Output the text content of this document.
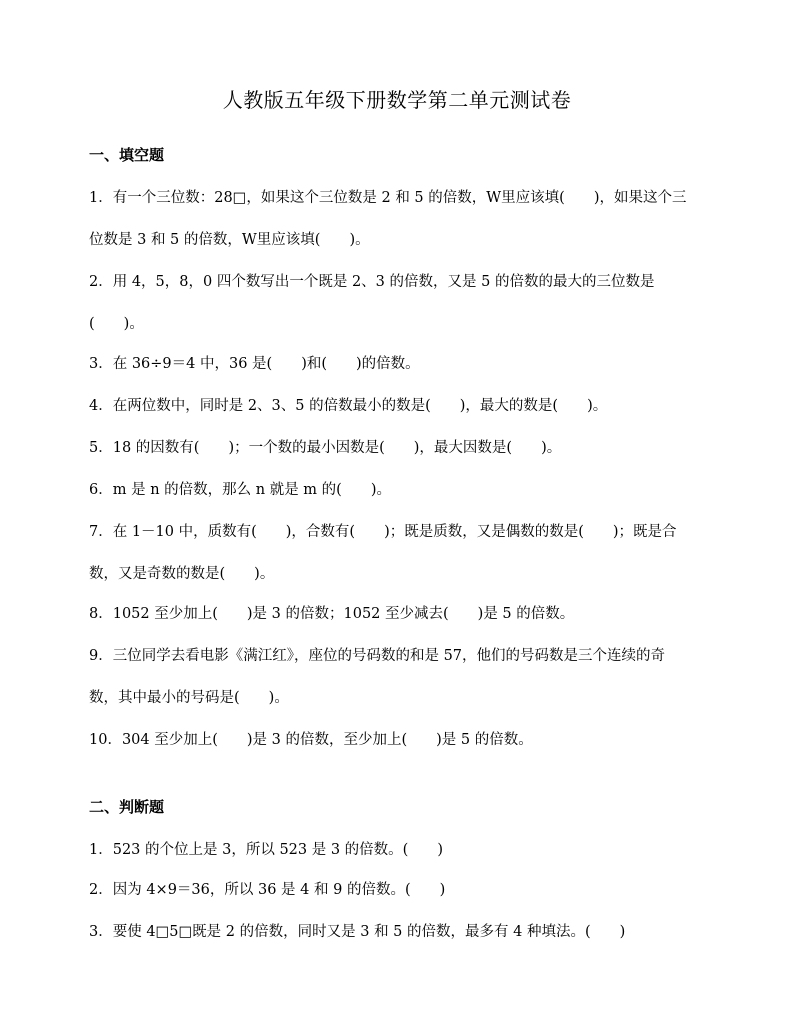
人教版五年级下册数学第二单元测试卷
一、填空题
1．有一个三位数：28□，如果这个三位数是 2 和 5 的倍数，W里应该填(　　)，如果这个三
位数是 3 和 5 的倍数，W里应该填(　　)。
2．用 4，5，8，0 四个数写出一个既是 2、3 的倍数，又是 5 的倍数的最大的三位数是
(　　)。
3．在 36÷9＝4 中，36 是(　　)和(　　)的倍数。
4．在两位数中，同时是 2、3、5 的倍数最小的数是(　　)，最大的数是(　　)。
5．18 的因数有(　　)；一个数的最小因数是(　　)，最大因数是(　　)。
6．m 是 n 的倍数，那么 n 就是 m 的(　　)。
7．在 1－10 中，质数有(　　)，合数有(　　)；既是质数，又是偶数的数是(　　)；既是合
数，又是奇数的数是(　　)。
8．1052 至少加上(　　)是 3 的倍数；1052 至少减去(　　)是 5 的倍数。
9．三位同学去看电影《满江红》，座位的号码数的和是 57，他们的号码数是三个连续的奇
数，其中最小的号码是(　　)。
10．304 至少加上(　　)是 3 的倍数，至少加上(　　)是 5 的倍数。
二、判断题
1．523 的个位上是 3，所以 523 是 3 的倍数。(　　)
2．因为 4×9＝36，所以 36 是 4 和 9 的倍数。(　　)
3．要使 4□5□既是 2 的倍数，同时又是 3 和 5 的倍数，最多有 4 种填法。(　　)
